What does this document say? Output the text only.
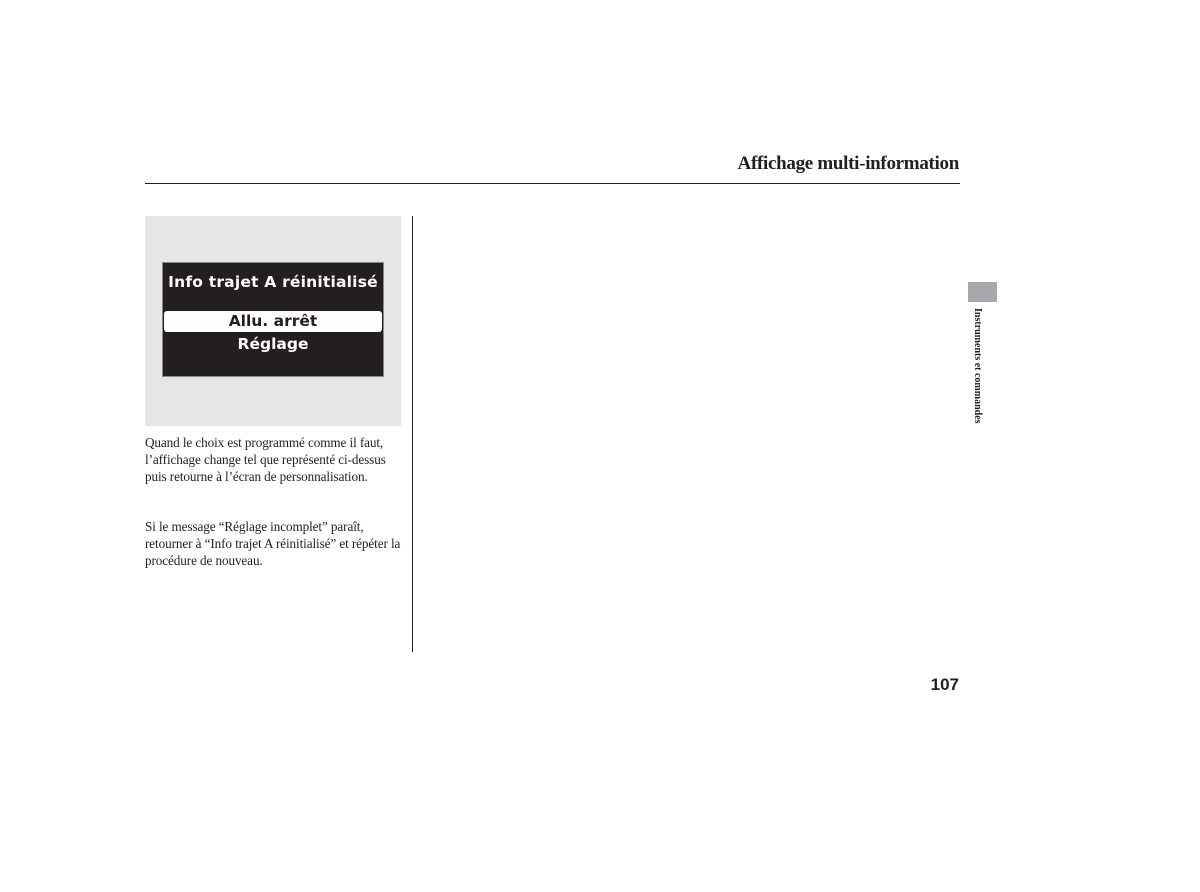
Affichage multi-information
Info trajet A réinitialisé
Allu. arrêt
Réglage

Quand le choix est programmé comme il faut, l’affichage change tel que représenté ci-dessus puis retourne à l’écran de personnalisation.

Si le message “Réglage incomplet” paraît, retourner à “Info trajet A réinitialisé” et répéter la procédure de nouveau.

Instruments et commandes
107
